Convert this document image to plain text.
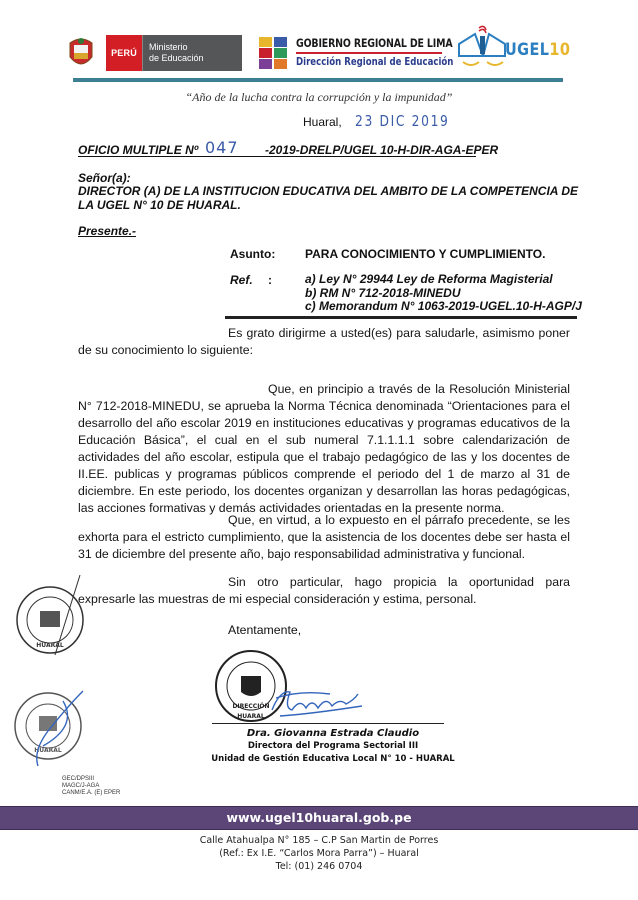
PERÚ
Ministerio
de Educación
GOBIERNO REGIONAL DE LIMA
Dirección Regional de Educación
UGEL10
“Año de la lucha contra la corrupción y la impunidad”
Huaral, 23 DIC 2019
OFICIO MULTIPLE Nº 047 -2019-DRELP/UGEL 10-H-DIR-AGA-EPER
Señor(a):
DIRECTOR (A) DE LA INSTITUCION EDUCATIVA DEL AMBITO DE LA COMPETENCIA DE LA UGEL N° 10 DE HUARAL.
Presente.-
Asunto: PARA CONOCIMIENTO Y CUMPLIMIENTO.
Ref. :	a) Ley N° 29944 Ley de Reforma Magisterial
b) RM N° 712-2018-MINEDU
c) Memorandum N° 1063-2019-UGEL.10-H-AGP/J
Es grato dirigirme a usted(es) para saludarle, asimismo poner de su conocimiento lo siguiente:
Que, en principio a través de la Resolución Ministerial N° 712-2018-MINEDU, se aprueba la Norma Técnica denominada “Orientaciones para el desarrollo del año escolar 2019 en instituciones educativas y programas educativos de la Educación Básica”, el cual en el sub numeral 7.1.1.1.1 sobre calendarización de actividades del año escolar, estipula que el trabajo pedagógico de las y los docentes de II.EE. publicas y programas públicos comprende el periodo del 1 de marzo al 31 de diciembre. En este periodo, los docentes organizan y desarrollan las horas pedagógicas, las acciones formativas y demás actividades orientadas en la presente norma.
Que, en virtud, a lo expuesto en el párrafo precedente, se les exhorta para el estricto cumplimiento, que la asistencia de los docentes debe ser hasta el 31 de diciembre del presente año, bajo responsabilidad administrativa y funcional.
Sin otro particular, hago propicia la oportunidad para expresarle las muestras de mi especial consideración y estima, personal.
Atentamente,
HUARAL
HUARAL
DIRECCIÓN
HUARAL
Dra. Giovanna Estrada Claudio
Directora del Programa Sectorial III
Unidad de Gestión Educativa Local N° 10 - HUARAL
GEC/DPSIII
MAGC/J-AGA
CANM/E.A. (E) EPER
www.ugel10huaral.gob.pe
Calle Atahualpa N° 185 – C.P San Martin de Porres
(Ref.: Ex I.E. “Carlos Mora Parra”) – Huaral
Tel: (01) 246 0704
